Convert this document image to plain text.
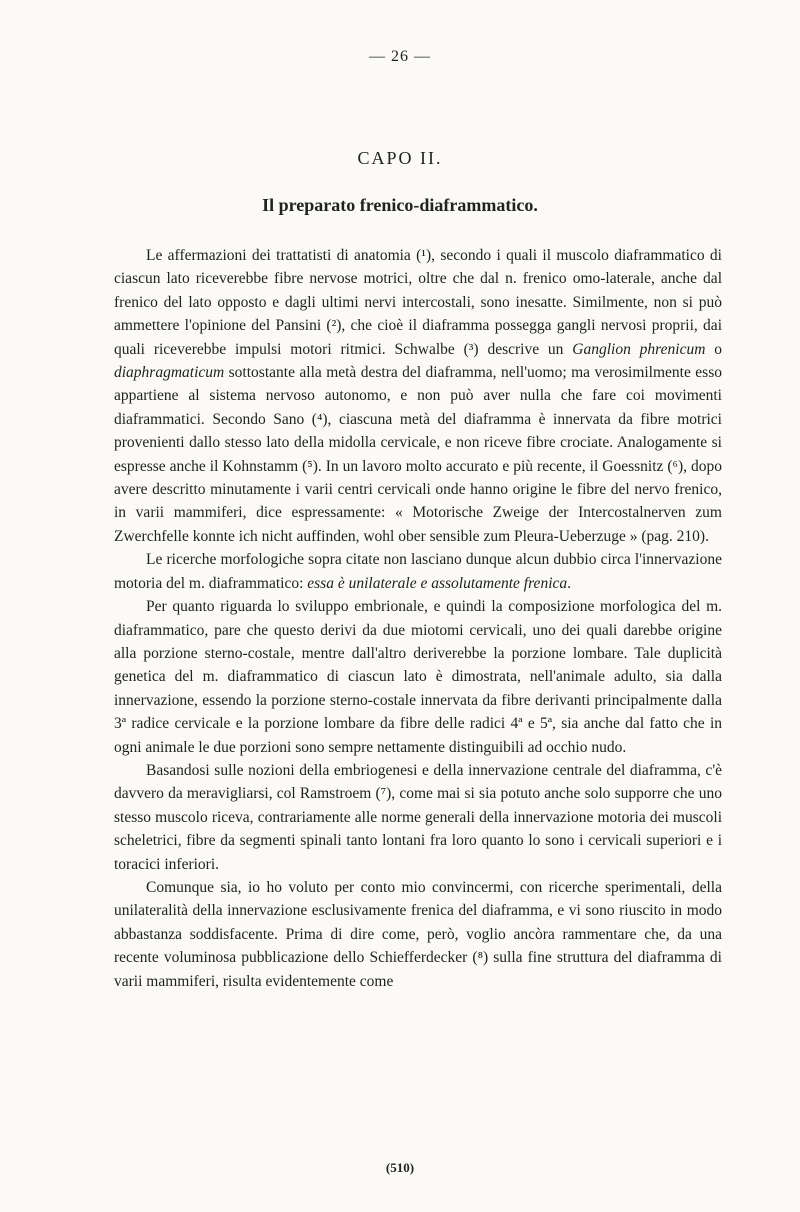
— 26 —
CAPO II.
Il preparato frenico-diaframmatico.

Le affermazioni dei trattatisti di anatomia (¹), secondo i quali il muscolo diaframmatico di ciascun lato riceverebbe fibre nervose motrici, oltre che dal n. frenico omo-laterale, anche dal frenico del lato opposto e dagli ultimi nervi intercostali, sono inesatte. Similmente, non si può ammettere l'opinione del Pansini (²), che cioè il diaframma possegga gangli nervosi proprii, dai quali riceverebbe impulsi motori ritmici. Schwalbe (³) descrive un Ganglion phrenicum o diaphragmaticum sottostante alla metà destra del diaframma, nell'uomo; ma verosimilmente esso appartiene al sistema nervoso autonomo, e non può aver nulla che fare coi movimenti diaframmatici. Secondo Sano (⁴), ciascuna metà del diaframma è innervata da fibre motrici provenienti dallo stesso lato della midolla cervicale, e non riceve fibre crociate. Analogamente si espresse anche il Kohnstamm (⁵). In un lavoro molto accurato e più recente, il Goessnitz (⁶), dopo avere descritto minutamente i varii centri cervicali onde hanno origine le fibre del nervo frenico, in varii mammiferi, dice espressamente: « Motorische Zweige der Intercostalnerven zum Zwerchfelle konnte ich nicht auffinden, wohl ober sensible zum Pleura-Ueberzuge » (pag. 210).

Le ricerche morfologiche sopra citate non lasciano dunque alcun dubbio circa l'innervazione motoria del m. diaframmatico: essa è unilaterale e assolutamente frenica.

Per quanto riguarda lo sviluppo embrionale, e quindi la composizione morfologica del m. diaframmatico, pare che questo derivi da due miotomi cervicali, uno dei quali darebbe origine alla porzione sterno-costale, mentre dall'altro deriverebbe la porzione lombare. Tale duplicità genetica del m. diaframmatico di ciascun lato è dimostrata, nell'animale adulto, sia dalla innervazione, essendo la porzione sterno-costale innervata da fibre derivanti principalmente dalla 3ª radice cervicale e la porzione lombare da fibre delle radici 4ª e 5ª, sia anche dal fatto che in ogni animale le due porzioni sono sempre nettamente distinguibili ad occhio nudo.

Basandosi sulle nozioni della embriogenesi e della innervazione centrale del diaframma, c'è davvero da meravigliarsi, col Ramstroem (⁷), come mai si sia potuto anche solo supporre che uno stesso muscolo riceva, contrariamente alle norme generali della innervazione motoria dei muscoli scheletrici, fibre da segmenti spinali tanto lontani fra loro quanto lo sono i cervicali superiori e i toracici inferiori.

Comunque sia, io ho voluto per conto mio convincermi, con ricerche sperimentali, della unilateralità della innervazione esclusivamente frenica del diaframma, e vi sono riuscito in modo abbastanza soddisfacente. Prima di dire come, però, voglio ancòra rammentare che, da una recente voluminosa pubblicazione dello Schiefferdecker (⁸) sulla fine struttura del diaframma di varii mammiferi, risulta evidentemente come

(510)
